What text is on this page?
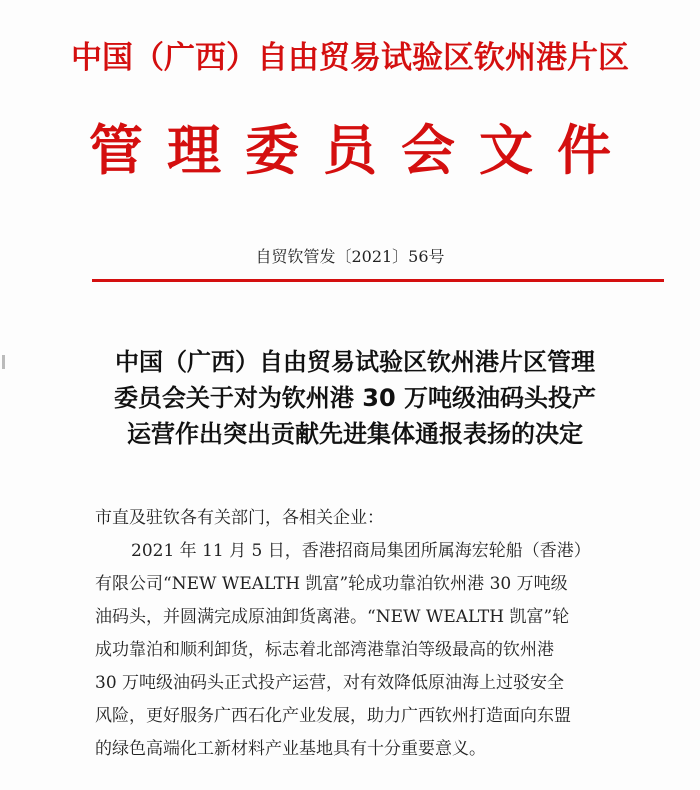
中国（广西）自由贸易试验区钦州港片区
管理委员会文件
自贸钦管发〔2021〕56号
中国（广西）自由贸易试验区钦州港片区管理
委员会关于对为钦州港 30 万吨级油码头投产
运营作出突出贡献先进集体通报表扬的决定
市直及驻钦各有关部门，各相关企业：
2021 年 11 月 5 日，香港招商局集团所属海宏轮船（香港）
有限公司“NEW WEALTH 凯富”轮成功靠泊钦州港 30 万吨级
油码头，并圆满完成原油卸货离港。“NEW WEALTH 凯富”轮
成功靠泊和顺利卸货，标志着北部湾港靠泊等级最高的钦州港
30 万吨级油码头正式投产运营，对有效降低原油海上过驳安全
风险，更好服务广西石化产业发展，助力广西钦州打造面向东盟
的绿色高端化工新材料产业基地具有十分重要意义。
